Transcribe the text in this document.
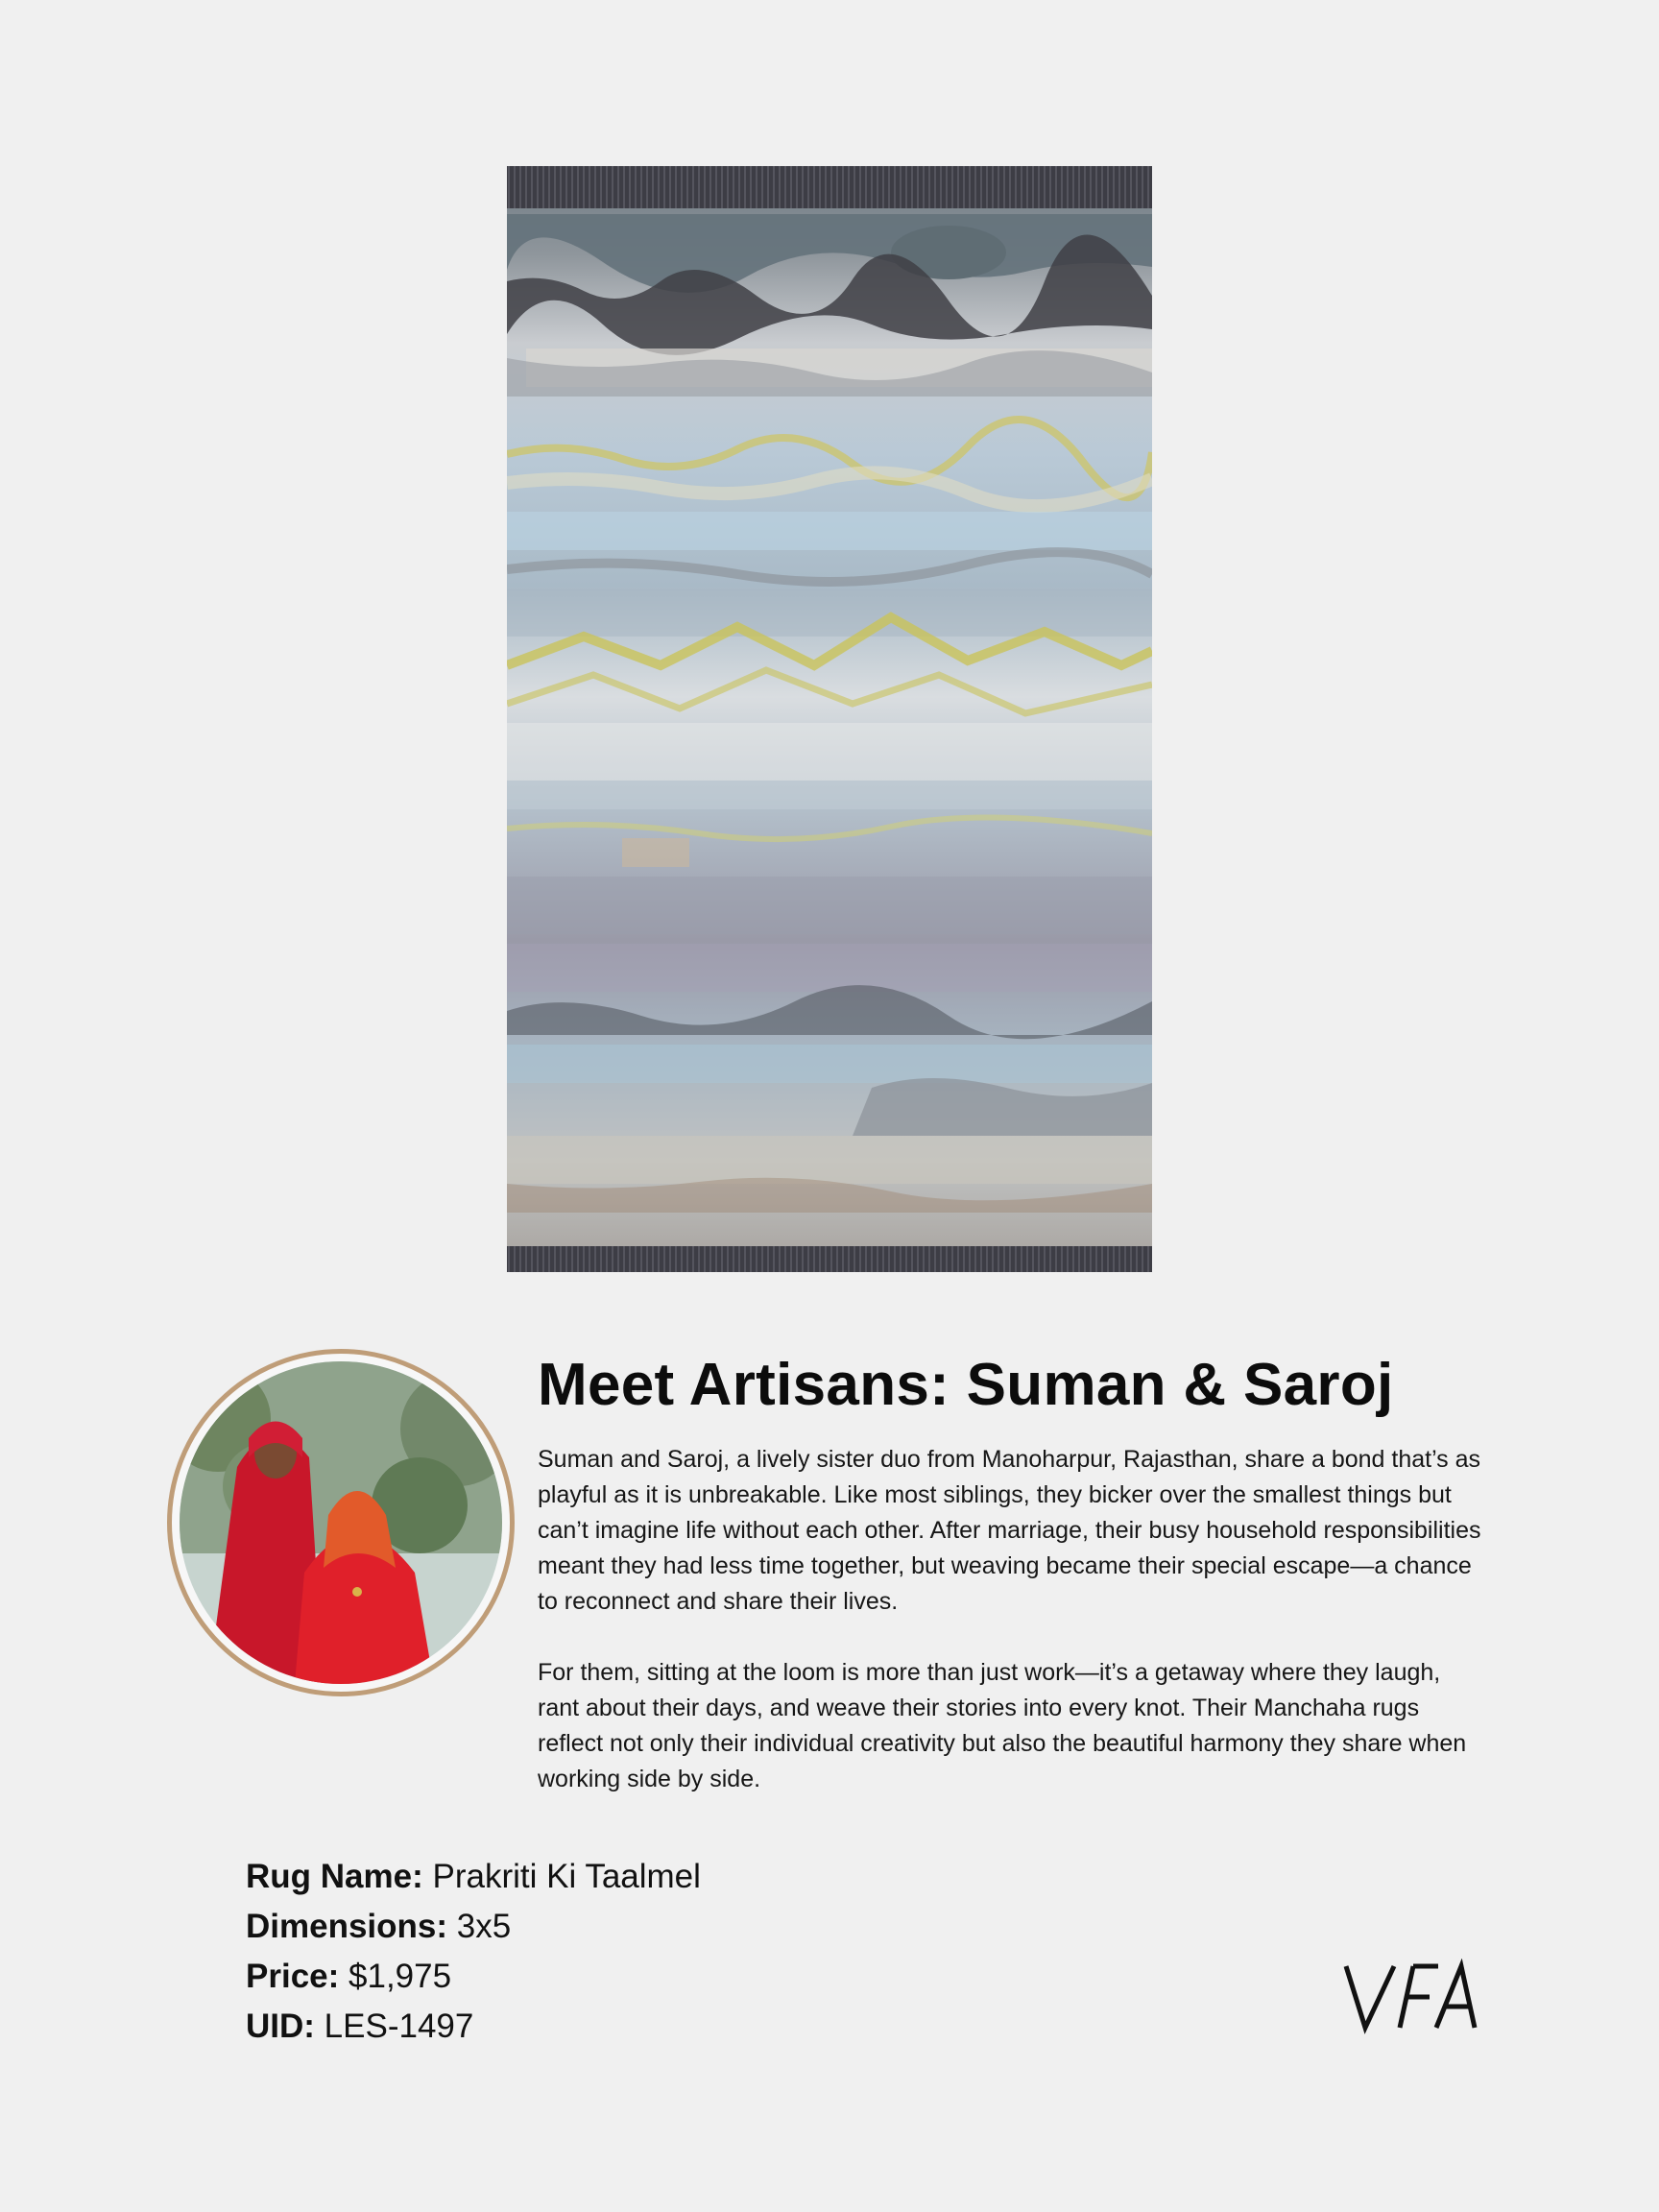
Meet Artisans: Suman & Saroj

Suman and Saroj, a lively sister duo from Manoharpur, Rajasthan, share a bond that’s as playful as it is unbreakable. Like most siblings, they bicker over the smallest things but can’t imagine life without each other. After marriage, their busy household responsibilities meant they had less time together, but weaving became their special escape—a chance to reconnect and share their lives.

For them, sitting at the loom is more than just work—it’s a getaway where they laugh, rant about their days, and weave their stories into every knot. Their Manchaha rugs reflect not only their individual creativity but also the beautiful harmony they share when working side by side.

Rug Name: Prakriti Ki Taalmel
Dimensions: 3x5
Price: $1,975
UID: LES-1497
